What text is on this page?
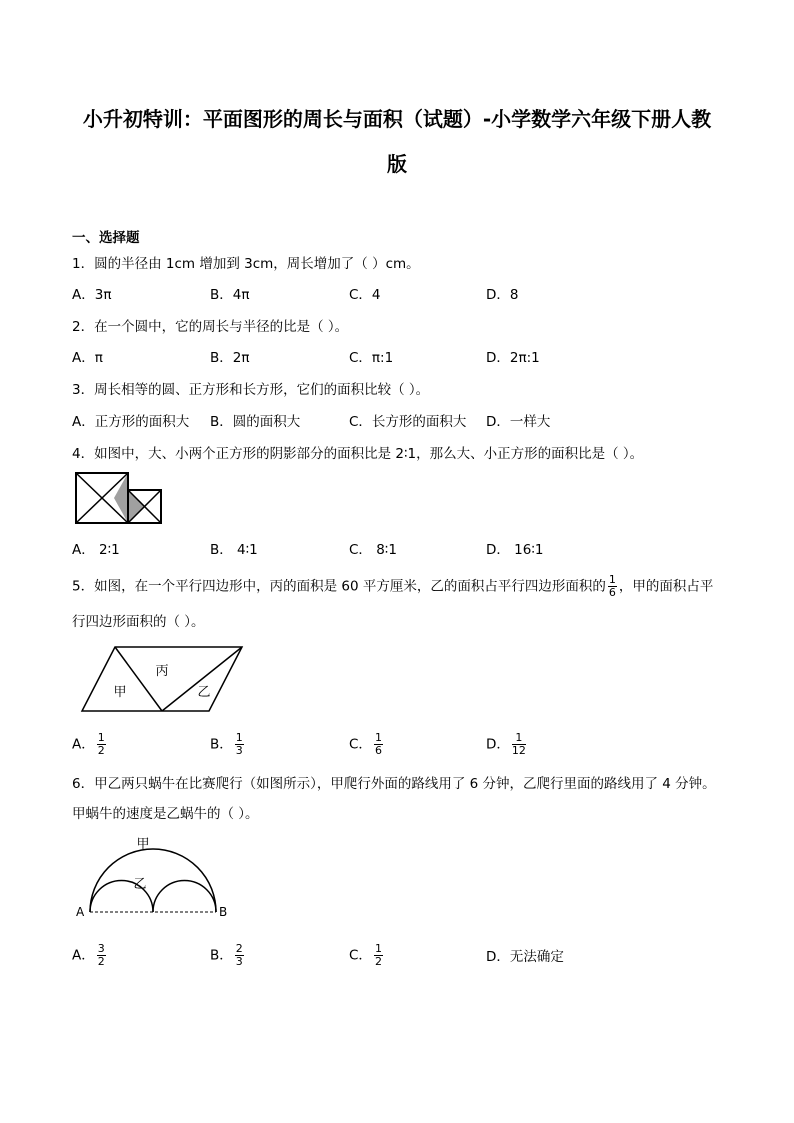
小升初特训：平面图形的周长与面积（试题）-小学数学六年级下册人教
版
一、选择题
1．圆的半径由 1cm 增加到 3cm，周长增加了（ ）cm。
A．3π	B．4π	C．4	D．8
2．在一个圆中，它的周长与半径的比是（ ）。
A．π	B．2π	C．π:1	D．2π:1
3．周长相等的圆、正方形和长方形，它们的面积比较（ ）。
A．正方形的面积大 B．圆的面积大	C．长方形的面积大 D．一样大
4．如图中，大、小两个正方形的阴影部分的面积比是 2∶1，那么大、小正方形的面积比是（ ）。
A． 2∶1	B． 4∶1	C． 8∶1	D． 16∶1
5．如图，在一个平行四边形中，丙的面积是 60 平方厘米，乙的面积占平行四边形面积的 $\frac{1}{6}$ ，甲的面积占平
行四边形面积的（ ）。
丙
甲	乙
A． $\frac{1}{2}$	B． $\frac{1}{3}$	C． $\frac{1}{6}$	D． $\frac{1}{12}$
6．甲乙两只蜗牛在比赛爬行（如图所示），甲爬行外面的路线用了 6 分钟，乙爬行里面的路线用了 4 分钟。
甲蜗牛的速度是乙蜗牛的（ ）。
甲
乙
A	B
A． $\frac{3}{2}$	B． $\frac{2}{3}$	C． $\frac{1}{2}$	D．无法确定
